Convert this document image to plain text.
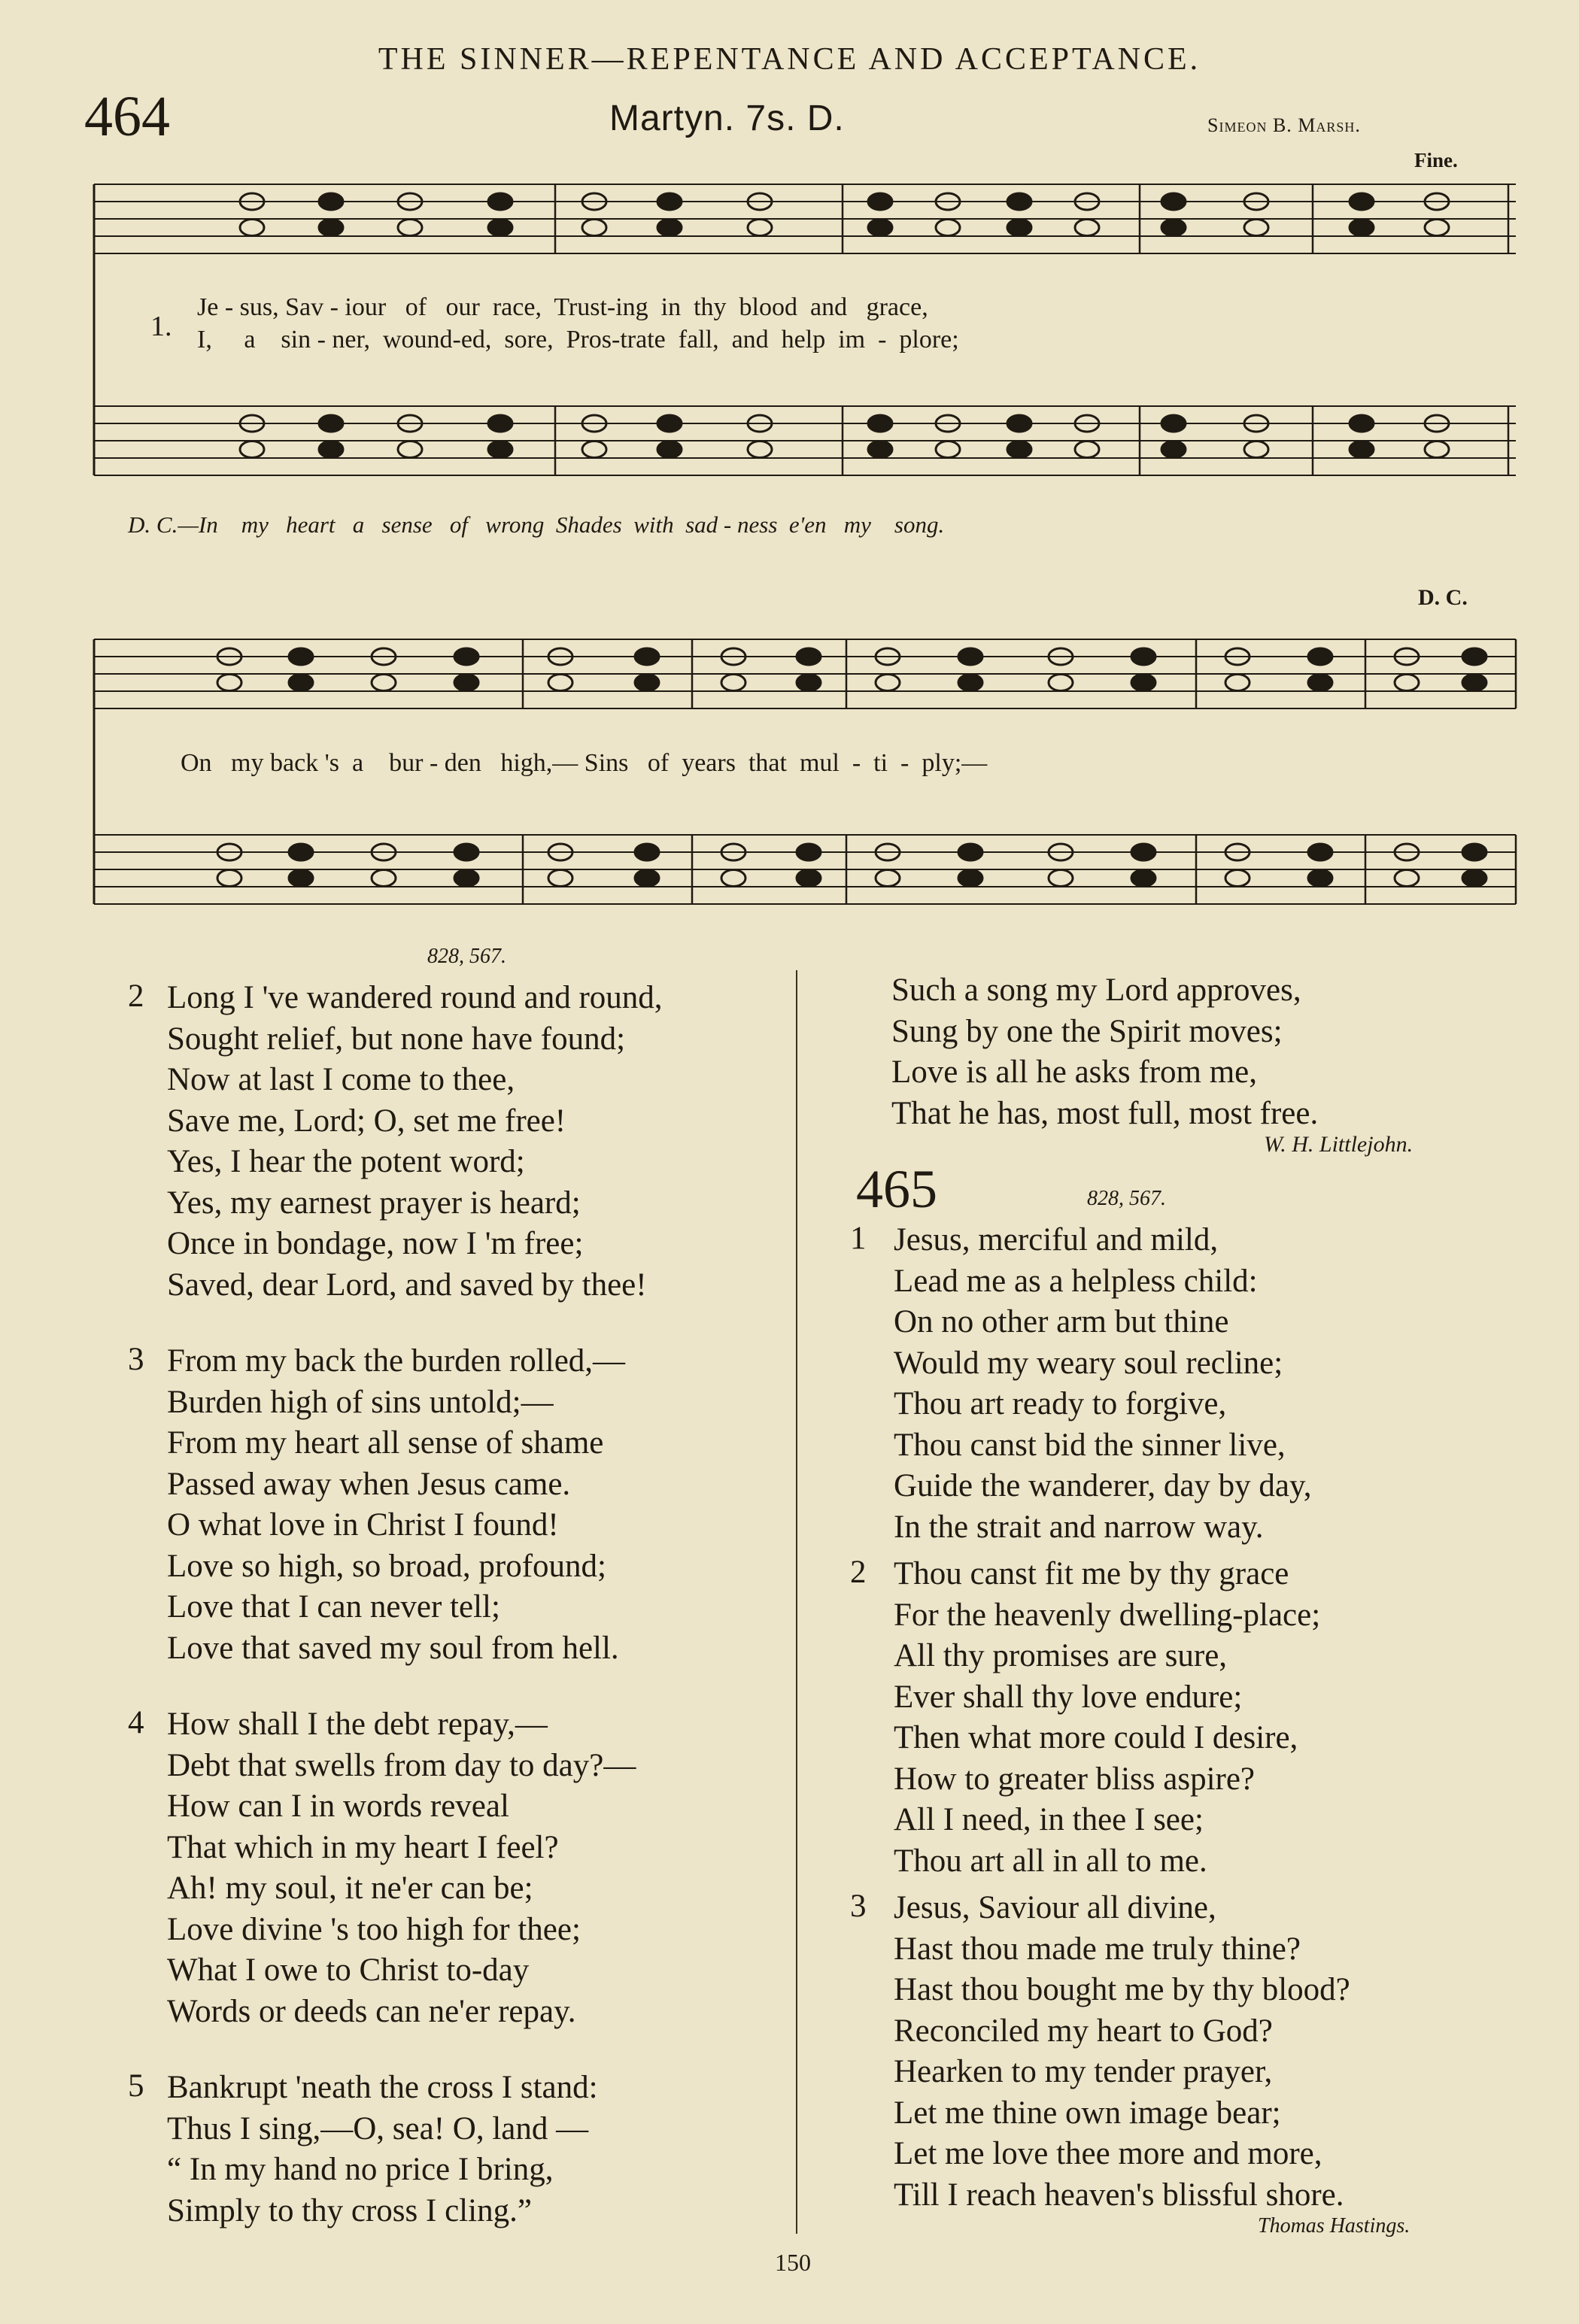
THE SINNER—REPENTANCE AND ACCEPTANCE.
464	Martyn. 7s. D.	Simeon B. Marsh.
Fine.
1.
Je - sus, Sav - iour   of   our  race,  Trust-ing  in  thy  blood  and   grace,
I,     a    sin - ner,  wound-ed,  sore,  Pros-trate  fall,  and  help  im  -  plore;
D. C.—In    my   heart   a   sense   of   wrong  Shades  with  sad - ness  e'en   my    song.
D. C.
On   my back 's  a    bur - den   high,— Sins   of  years  that  mul  -  ti  -  ply;—
828, 567.
2 Long I 've wandered round and round,
Sought relief, but none have found;
Now at last I come to thee,
Save me, Lord; O, set me free!
Yes, I hear the potent word;
Yes, my earnest prayer is heard;
Once in bondage, now I 'm free;
Saved, dear Lord, and saved by thee!
3 From my back the burden rolled,—
Burden high of sins untold;—
From my heart all sense of shame
Passed away when Jesus came.
O what love in Christ I found!
Love so high, so broad, profound;
Love that I can never tell;
Love that saved my soul from hell.
4 How shall I the debt repay,—
Debt that swells from day to day?—
How can I in words reveal
That which in my heart I feel?
Ah! my soul, it ne'er can be;
Love divine 's too high for thee;
What I owe to Christ to-day
Words or deeds can ne'er repay.
5 Bankrupt 'neath the cross I stand:
Thus I sing,—O, sea! O, land —
“ In my hand no price I bring,
Simply to thy cross I cling.”
Such a song my Lord approves,
Sung by one the Spirit moves;
Love is all he asks from me,
That he has, most full, most free.
W. H. Littlejohn.
465	828, 567.
1 Jesus, merciful and mild,
Lead me as a helpless child:
On no other arm but thine
Would my weary soul recline;
Thou art ready to forgive,
Thou canst bid the sinner live,
Guide the wanderer, day by day,
In the strait and narrow way.
2 Thou canst fit me by thy grace
For the heavenly dwelling-place;
All thy promises are sure,
Ever shall thy love endure;
Then what more could I desire,
How to greater bliss aspire?
All I need, in thee I see;
Thou art all in all to me.
3 Jesus, Saviour all divine,
Hast thou made me truly thine?
Hast thou bought me by thy blood?
Reconciled my heart to God?
Hearken to my tender prayer,
Let me thine own image bear;
Let me love thee more and more,
Till I reach heaven's blissful shore.
Thomas Hastings.
150
